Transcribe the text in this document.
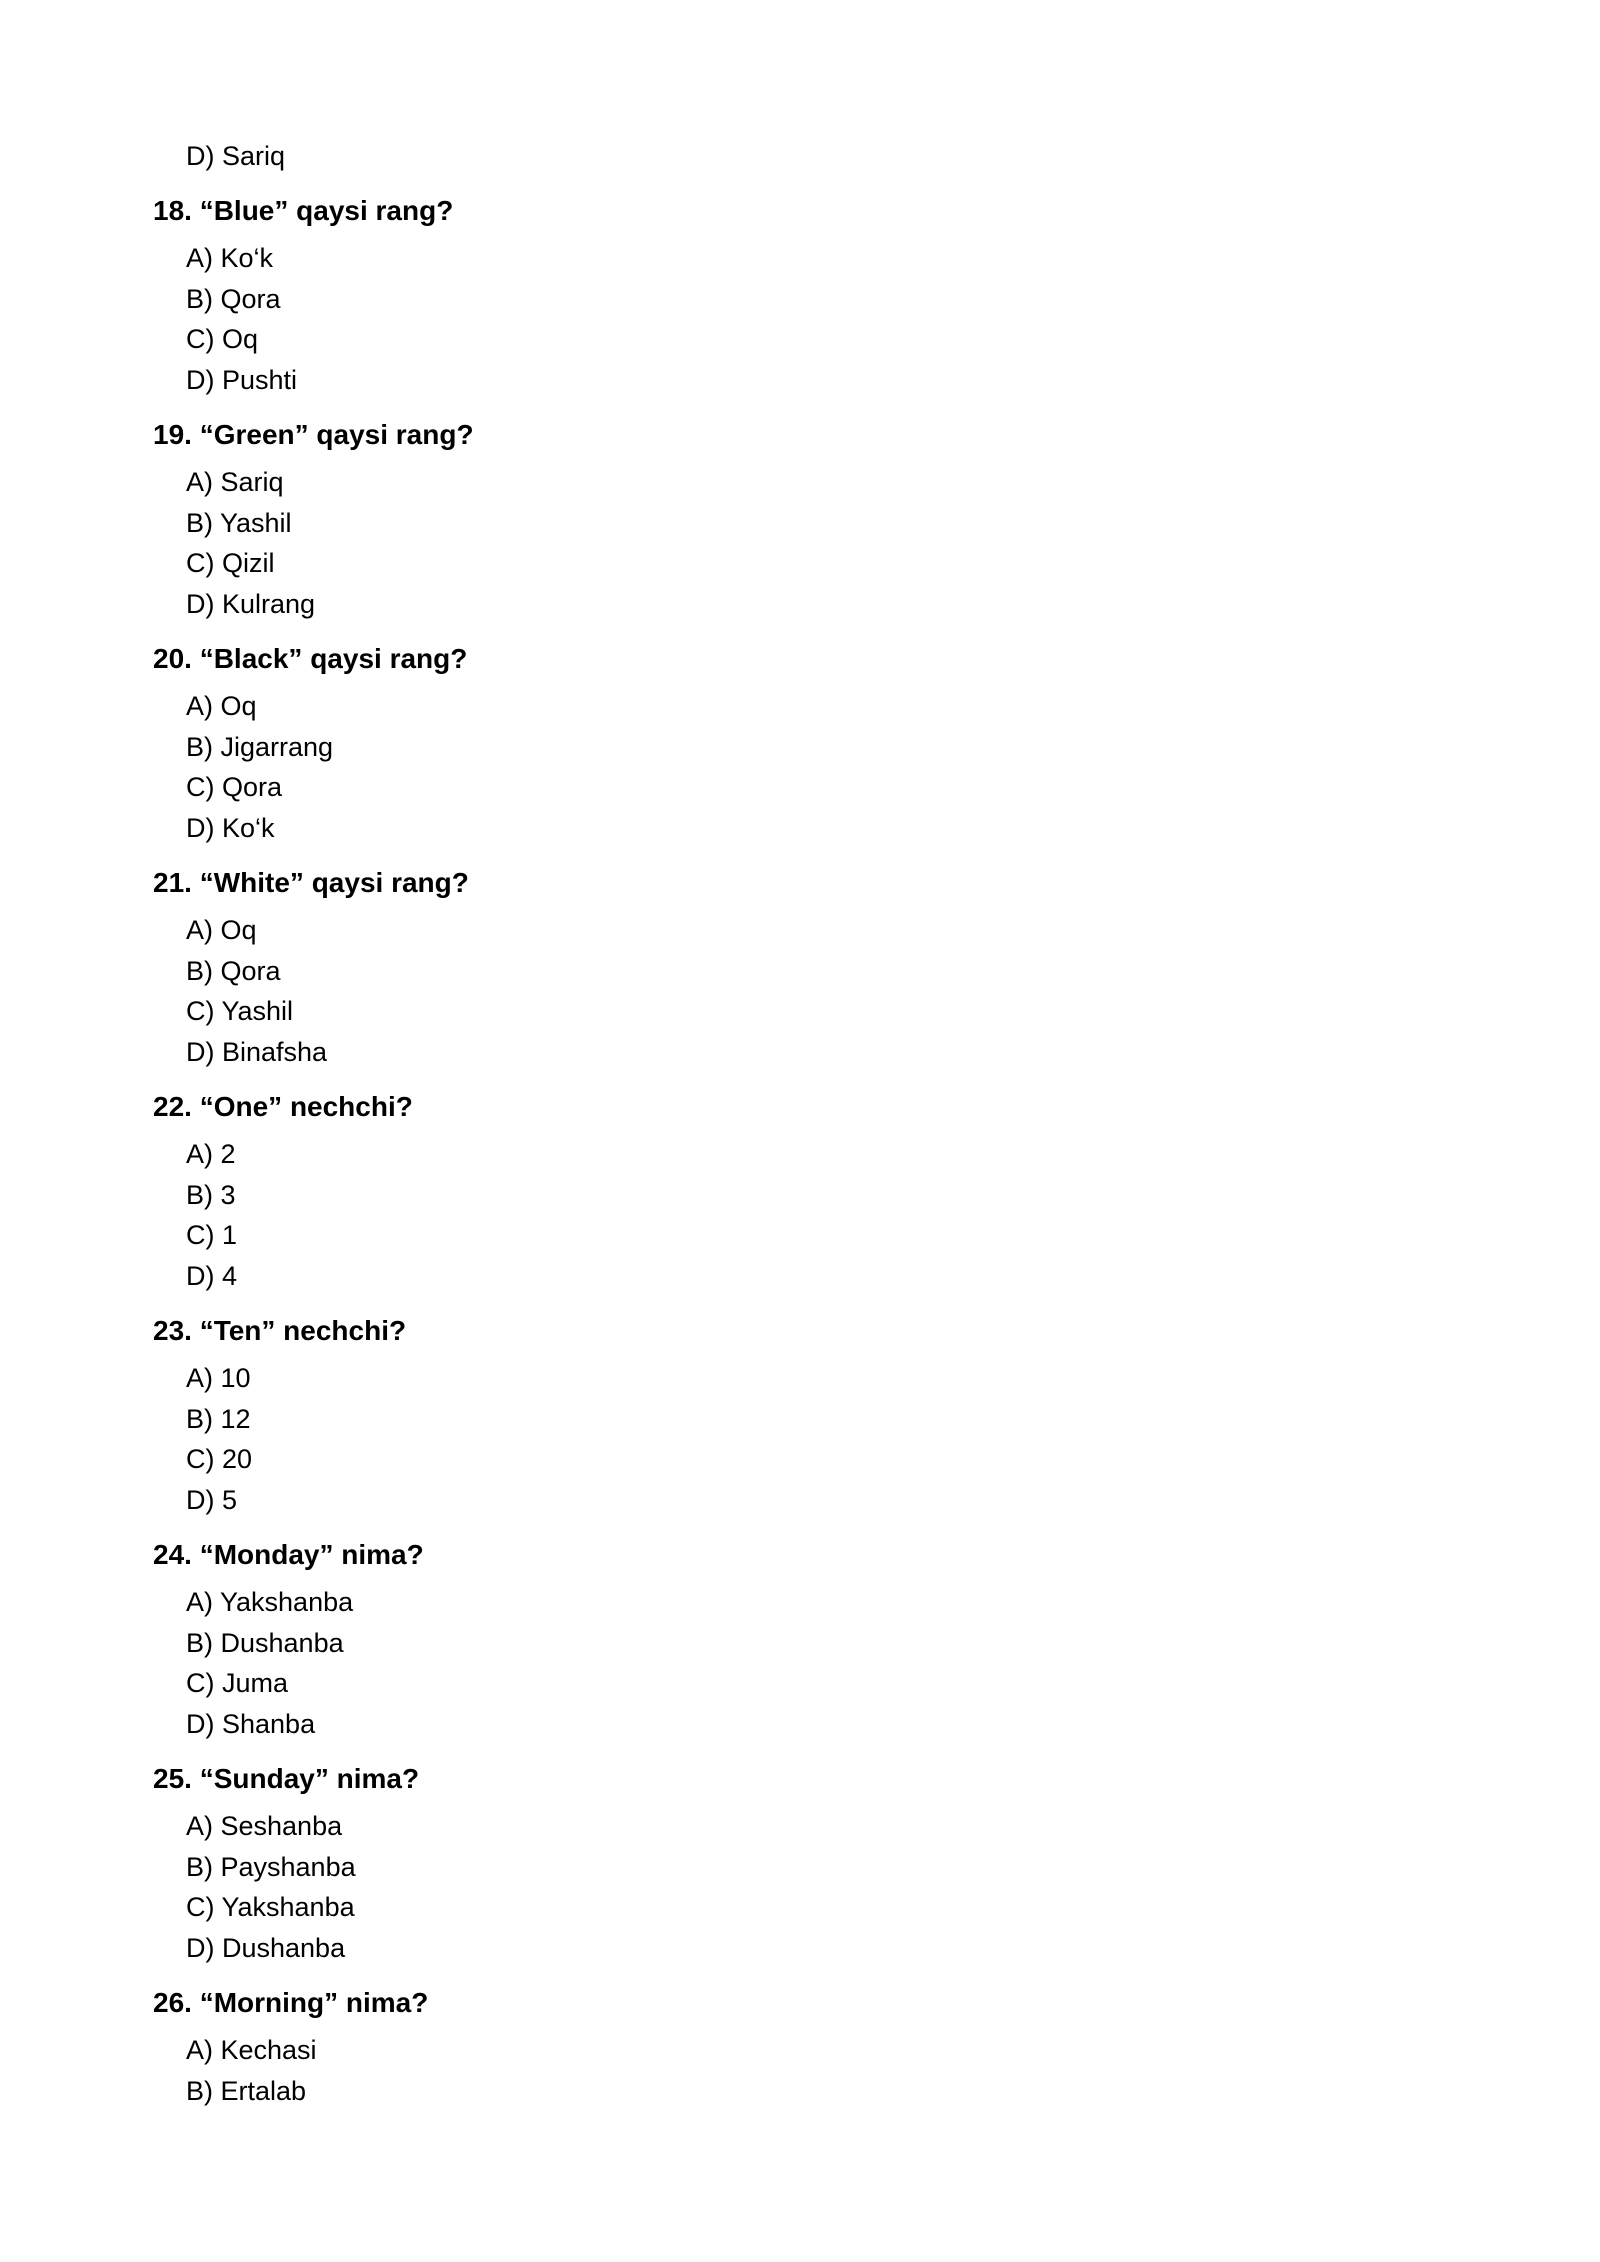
D) Sariq
18. “Blue” qaysi rang?
A) Ko‘k
B) Qora
C) Oq
D) Pushti
19. “Green” qaysi rang?
A) Sariq
B) Yashil
C) Qizil
D) Kulrang
20. “Black” qaysi rang?
A) Oq
B) Jigarrang
C) Qora
D) Ko‘k
21. “White” qaysi rang?
A) Oq
B) Qora
C) Yashil
D) Binafsha
22. “One” nechchi?
A) 2
B) 3
C) 1
D) 4
23. “Ten” nechchi?
A) 10
B) 12
C) 20
D) 5
24. “Monday” nima?
A) Yakshanba
B) Dushanba
C) Juma
D) Shanba
25. “Sunday” nima?
A) Seshanba
B) Payshanba
C) Yakshanba
D) Dushanba
26. “Morning” nima?
A) Kechasi
B) Ertalab
